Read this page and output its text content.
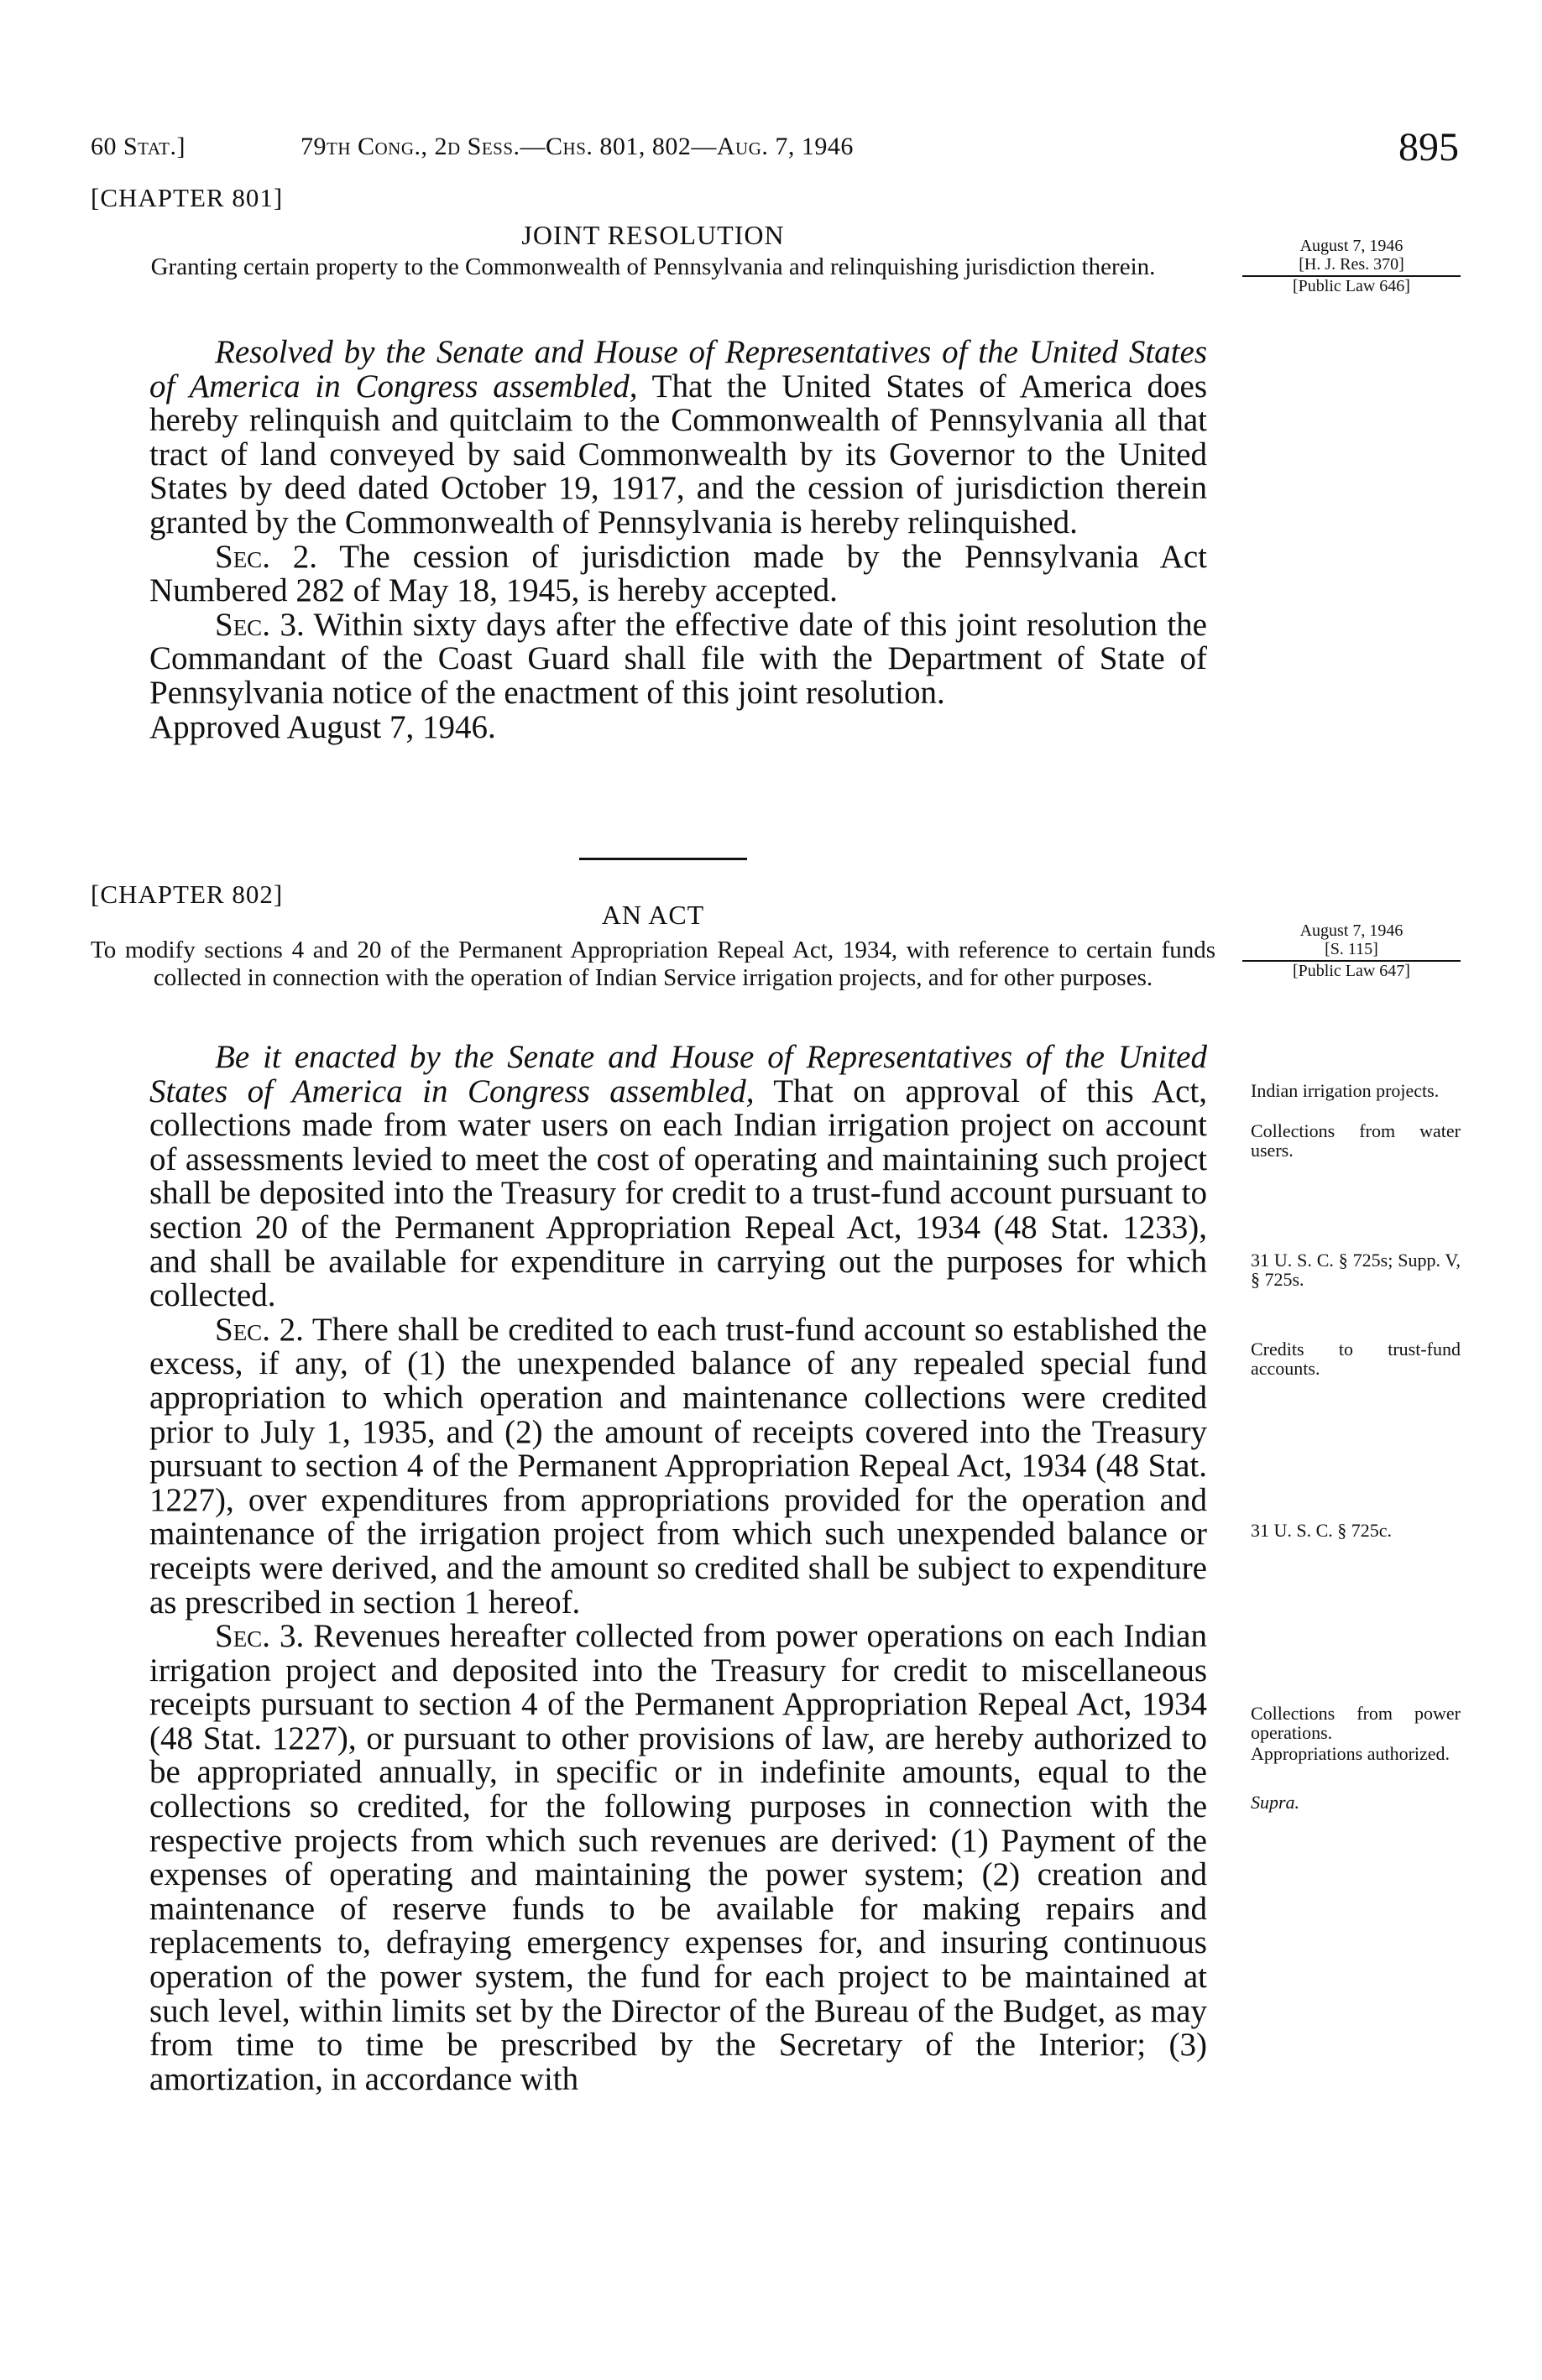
60 Stat.]	79th Cong., 2d Sess.—Chs. 801, 802—Aug. 7, 1946	895
[CHAPTER 801]
JOINT RESOLUTION
Granting certain property to the Commonwealth of Pennsylvania and relinquishing jurisdiction therein.
August 7, 1946
[H. J. Res. 370]
[Public Law 646]

Resolved by the Senate and House of Representatives of the United States of America in Congress assembled, That the United States of America does hereby relinquish and quitclaim to the Commonwealth of Pennsylvania all that tract of land conveyed by said Commonwealth by its Governor to the United States by deed dated October 19, 1917, and the cession of jurisdiction therein granted by the Commonwealth of Pennsylvania is hereby relinquished.

Sec. 2. The cession of jurisdiction made by the Pennsylvania Act Numbered 282 of May 18, 1945, is hereby accepted.

Sec. 3. Within sixty days after the effective date of this joint resolution the Commandant of the Coast Guard shall file with the Department of State of Pennsylvania notice of the enactment of this joint resolution.

Approved August 7, 1946.

[CHAPTER 802]
AN ACT
To modify sections 4 and 20 of the Permanent Appropriation Repeal Act, 1934, with reference to certain funds collected in connection with the operation of Indian Service irrigation projects, and for other purposes.
August 7, 1946
[S. 115]
[Public Law 647]

Be it enacted by the Senate and House of Representatives of the United States of America in Congress assembled, That on approval of this Act, collections made from water users on each Indian irrigation project on account of assessments levied to meet the cost of operating and maintaining such project shall be deposited into the Treasury for credit to a trust-fund account pursuant to section 20 of the Permanent Appropriation Repeal Act, 1934 (48 Stat. 1233), and shall be available for expenditure in carrying out the purposes for which collected.

Sec. 2. There shall be credited to each trust-fund account so established the excess, if any, of (1) the unexpended balance of any repealed special fund appropriation to which operation and maintenance collections were credited prior to July 1, 1935, and (2) the amount of receipts covered into the Treasury pursuant to section 4 of the Permanent Appropriation Repeal Act, 1934 (48 Stat. 1227), over expenditures from appropriations provided for the operation and maintenance of the irrigation project from which such unexpended balance or receipts were derived, and the amount so credited shall be subject to expenditure as prescribed in section 1 hereof.

Sec. 3. Revenues hereafter collected from power operations on each Indian irrigation project and deposited into the Treasury for credit to miscellaneous receipts pursuant to section 4 of the Permanent Appropriation Repeal Act, 1934 (48 Stat. 1227), or pursuant to other provisions of law, are hereby authorized to be appropriated annually, in specific or in indefinite amounts, equal to the collections so credited, for the following purposes in connection with the respective projects from which such revenues are derived: (1) Payment of the expenses of operating and maintaining the power system; (2) creation and maintenance of reserve funds to be available for making repairs and replacements to, defraying emergency expenses for, and insuring continuous operation of the power system, the fund for each project to be maintained at such level, within limits set by the Director of the Bureau of the Budget, as may from time to time be prescribed by the Secretary of the Interior; (3) amortization, in accordance with

Indian irrigation projects.
Collections from water users.
31 U. S. C. § 725s; Supp. V, § 725s.
Credits to trust-fund accounts.
31 U. S. C. § 725c.
Collections from power operations.
Appropriations authorized.
Supra.
